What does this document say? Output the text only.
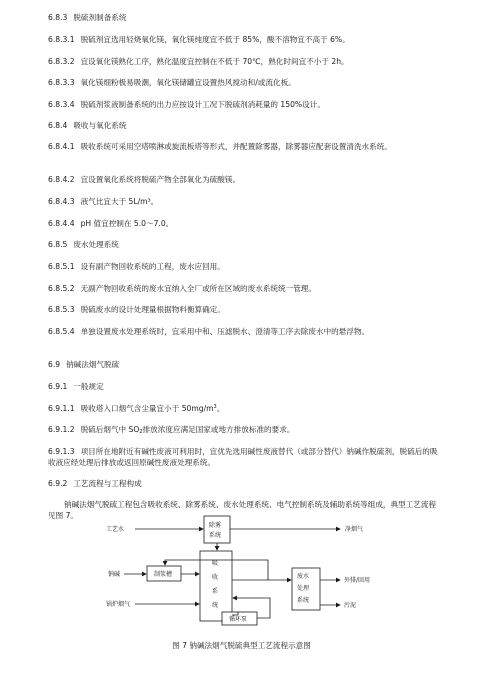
6.8.3 脱硫剂制备系统
6.8.3.1 脱硫剂宜选用轻烧氧化镁，氧化镁纯度宜不低于 85%，酸不溶物宜不高于 6%。
6.8.3.2 宜设氧化镁熟化工序，熟化温度宜控制在不低于 70℃，熟化时间宜不小于 2h。
6.8.3.3 氧化镁细粉极易吸潮，氧化镁储罐宜设置热风搅动和/或流化板。
6.8.3.4 脱硫剂浆液制备系统的出力应按设计工况下脱硫剂消耗量的 150%设计。
6.8.4 吸收与氧化系统
6.8.4.1 吸收系统可采用空塔喷淋或旋流板塔等形式，并配置除雾器，除雾器应配套设置清洗水系统。
6.8.4.2 宜设置氧化系统将脱硫产物全部氧化为硫酸镁。
6.8.4.3 液气比宜大于 5L/m³。
6.8.4.4 pH 值宜控制在 5.0～7.0。
6.8.5 废水处理系统
6.8.5.1 设有副产物回收系统的工程，废水应回用。
6.8.5.2 无副产物回收系统的废水宜纳入全厂或所在区域的废水系统统一管理。
6.8.5.3 脱硫废水的设计处理量根据物料衡算确定。
6.8.5.4 单独设置废水处理系统时，宜采用中和、压滤脱水、澄清等工序去除废水中的悬浮物。
6.9 钠碱法烟气脱硫
6.9.1 一般规定
6.9.1.1 吸收塔入口烟气含尘量宜小于 $50mg/m^3$。
6.9.1.2 脱硫后烟气中 $SO_2$排放浓度应满足国家或地方排放标准的要求。
6.9.1.3 项目所在地附近有碱性废液可利用时，宜优先选用碱性废液替代（或部分替代）钠碱作脱硫剂，脱硫后的吸收液应经处理后排放或返回原碱性废液处理系统。
6.9.2 工艺流程与工程构成
钠碱法烟气脱硫工程包含吸收系统、除雾系统、废水处理系统、电气控制系统及辅助系统等组成，典型工艺流程见图 7。
工艺水	净烟气
除雾
系统
钠碱	制浆槽
吸
收
系
统
锅炉烟气
循环泵
废水
处理
系统
外排/回用
污泥
图 7 钠碱法烟气脱硫典型工艺流程示意图
